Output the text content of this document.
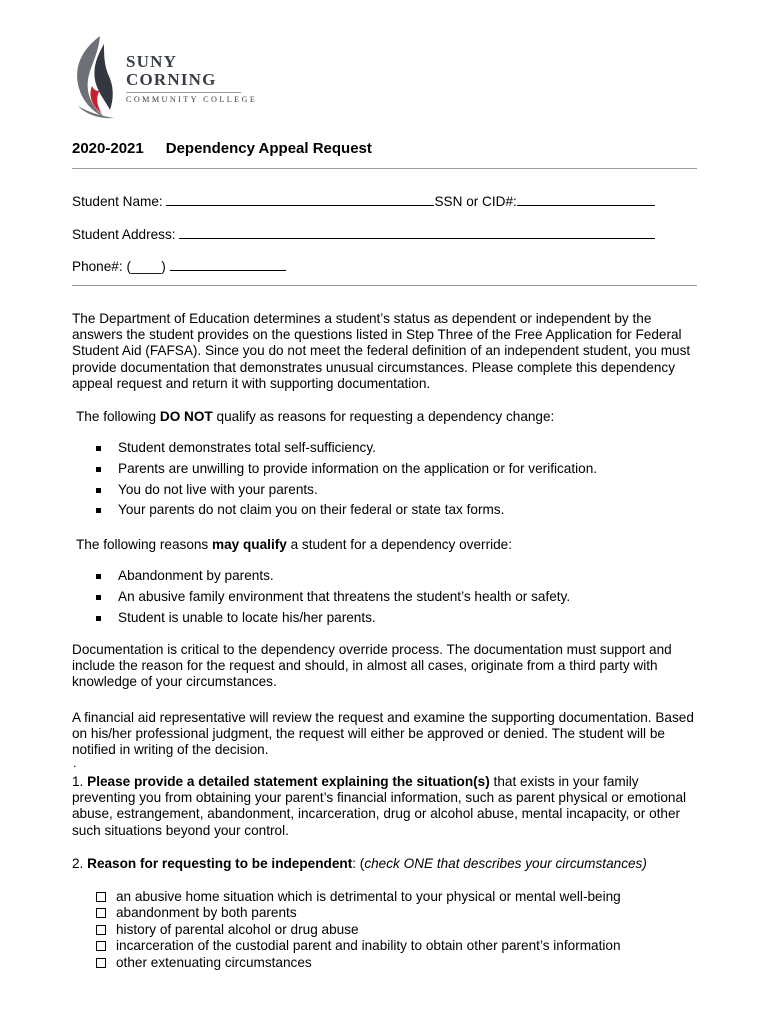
SUNY
CORNING
COMMUNITY COLLEGE
2020-2021 Dependency Appeal Request
Student Name:	SSN or CID#:
Student Address:
Phone#: (____)
The Department of Education determines a student’s status as dependent or independent by the answers the student provides on the questions listed in Step Three of the Free Application for Federal Student Aid (FAFSA). Since you do not meet the federal definition of an independent student, you must provide documentation that demonstrates unusual circumstances. Please complete this dependency appeal request and return it with supporting documentation.
The following DO NOT qualify as reasons for requesting a dependency change:
Student demonstrates total self-sufficiency.
Parents are unwilling to provide information on the application or for verification.
You do not live with your parents.
Your parents do not claim you on their federal or state tax forms.
The following reasons may qualify a student for a dependency override:
Abandonment by parents.
An abusive family environment that threatens the student’s health or safety.
Student is unable to locate his/her parents.
Documentation is critical to the dependency override process. The documentation must support and include the reason for the request and should, in almost all cases, originate from a third party with knowledge of your circumstances.
A financial aid representative will review the request and examine the supporting documentation. Based on his/her professional judgment, the request will either be approved or denied. The student will be notified in writing of the decision.
.
1. Please provide a detailed statement explaining the situation(s) that exists in your family preventing you from obtaining your parent’s financial information, such as parent physical or emotional abuse, estrangement, abandonment, incarceration, drug or alcohol abuse, mental incapacity, or other such situations beyond your control.
2. Reason for requesting to be independent: (check ONE that describes your circumstances)
an abusive home situation which is detrimental to your physical or mental well-being
abandonment by both parents
history of parental alcohol or drug abuse
incarceration of the custodial parent and inability to obtain other parent’s information
other extenuating circumstances
